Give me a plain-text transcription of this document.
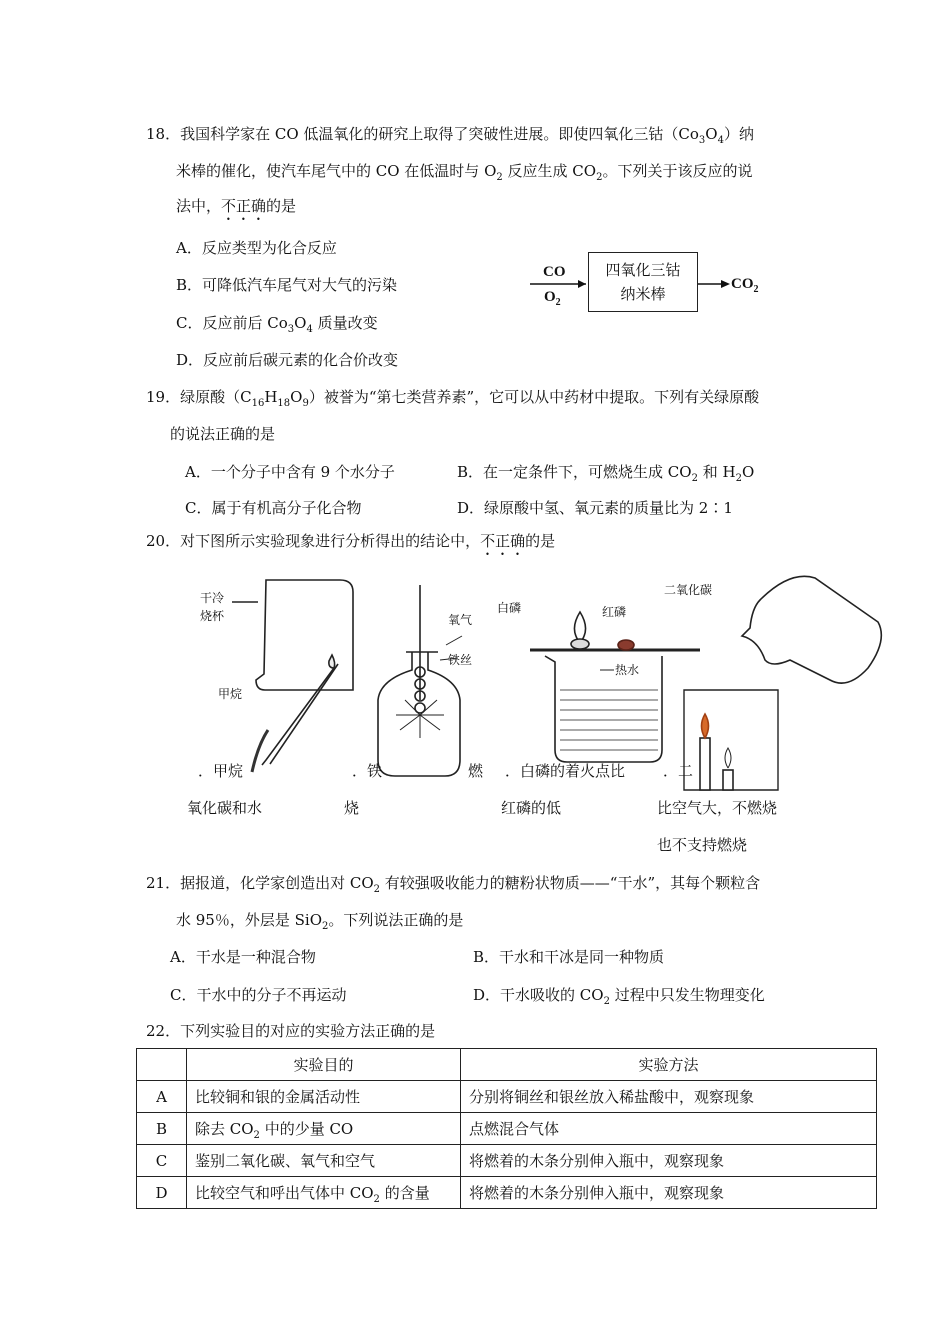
18．我国科学家在 CO 低温氧化的研究上取得了突破性进展。即使四氧化三钴$(Co_3O_4)$纳
米棒的催化，使汽车尾气中的 CO 在低温时与 $O_2$ 反应生成 $CO_2$。下列关于该反应的说
法中，不正确的是
A．反应类型为化合反应
B．可降低汽车尾气对大气的污染
C．反应前后 $Co_3O_4$ 质量改变
D．反应前后碳元素的化合价改变
CO
$O_2$
四氧化三钴
纳米棒
$CO_2$
19．绿原酸$(C_{16}H_{18}O_9)$被誉为“第七类营养素”，它可以从中药材中提取。下列有关绿原酸
的说法正确的是
A．一个分子中含有 9 个水分子	B．在一定条件下，可燃烧生成 $CO_2$ 和 $H_2O$
C．属于有机高分子化合物	D．绿原酸中氢、氧元素的质量比为 2∶1
20．对下图所示实验现象进行分析得出的结论中，不正确的是
干冷
烧杯
甲烷
氧气
铁丝
白磷	红磷
热水
二氧化碳
．甲烷	．铁	燃 ．白磷的着火点比	．二
氧化碳和水	烧	红磷的低	比空气大，不燃烧
也不支持燃烧
21．据报道，化学家创造出对 $CO_2$ 有较强吸收能力的糖粉状物质——“干水”，其每个颗粒含
水 95％，外层是 SiO$_2$。下列说法正确的是
A．干水是一种混合物	B．干水和干冰是同一种物质
C．干水中的分子不再运动	D．干水吸收的 $CO_2$ 过程中只发生物理变化
22．下列实验目的对应的实验方法正确的是
	实验目的	实验方法
A	比较铜和银的金属活动性	分别将铜丝和银丝放入稀盐酸中，观察现象
B	除去 $CO_2$ 中的少量 CO	点燃混合气体
C	鉴别二氧化碳、氧气和空气	将燃着的木条分别伸入瓶中，观察现象
D	比较空气和呼出气体中 $CO_2$ 的含量	将燃着的木条分别伸入瓶中，观察现象
